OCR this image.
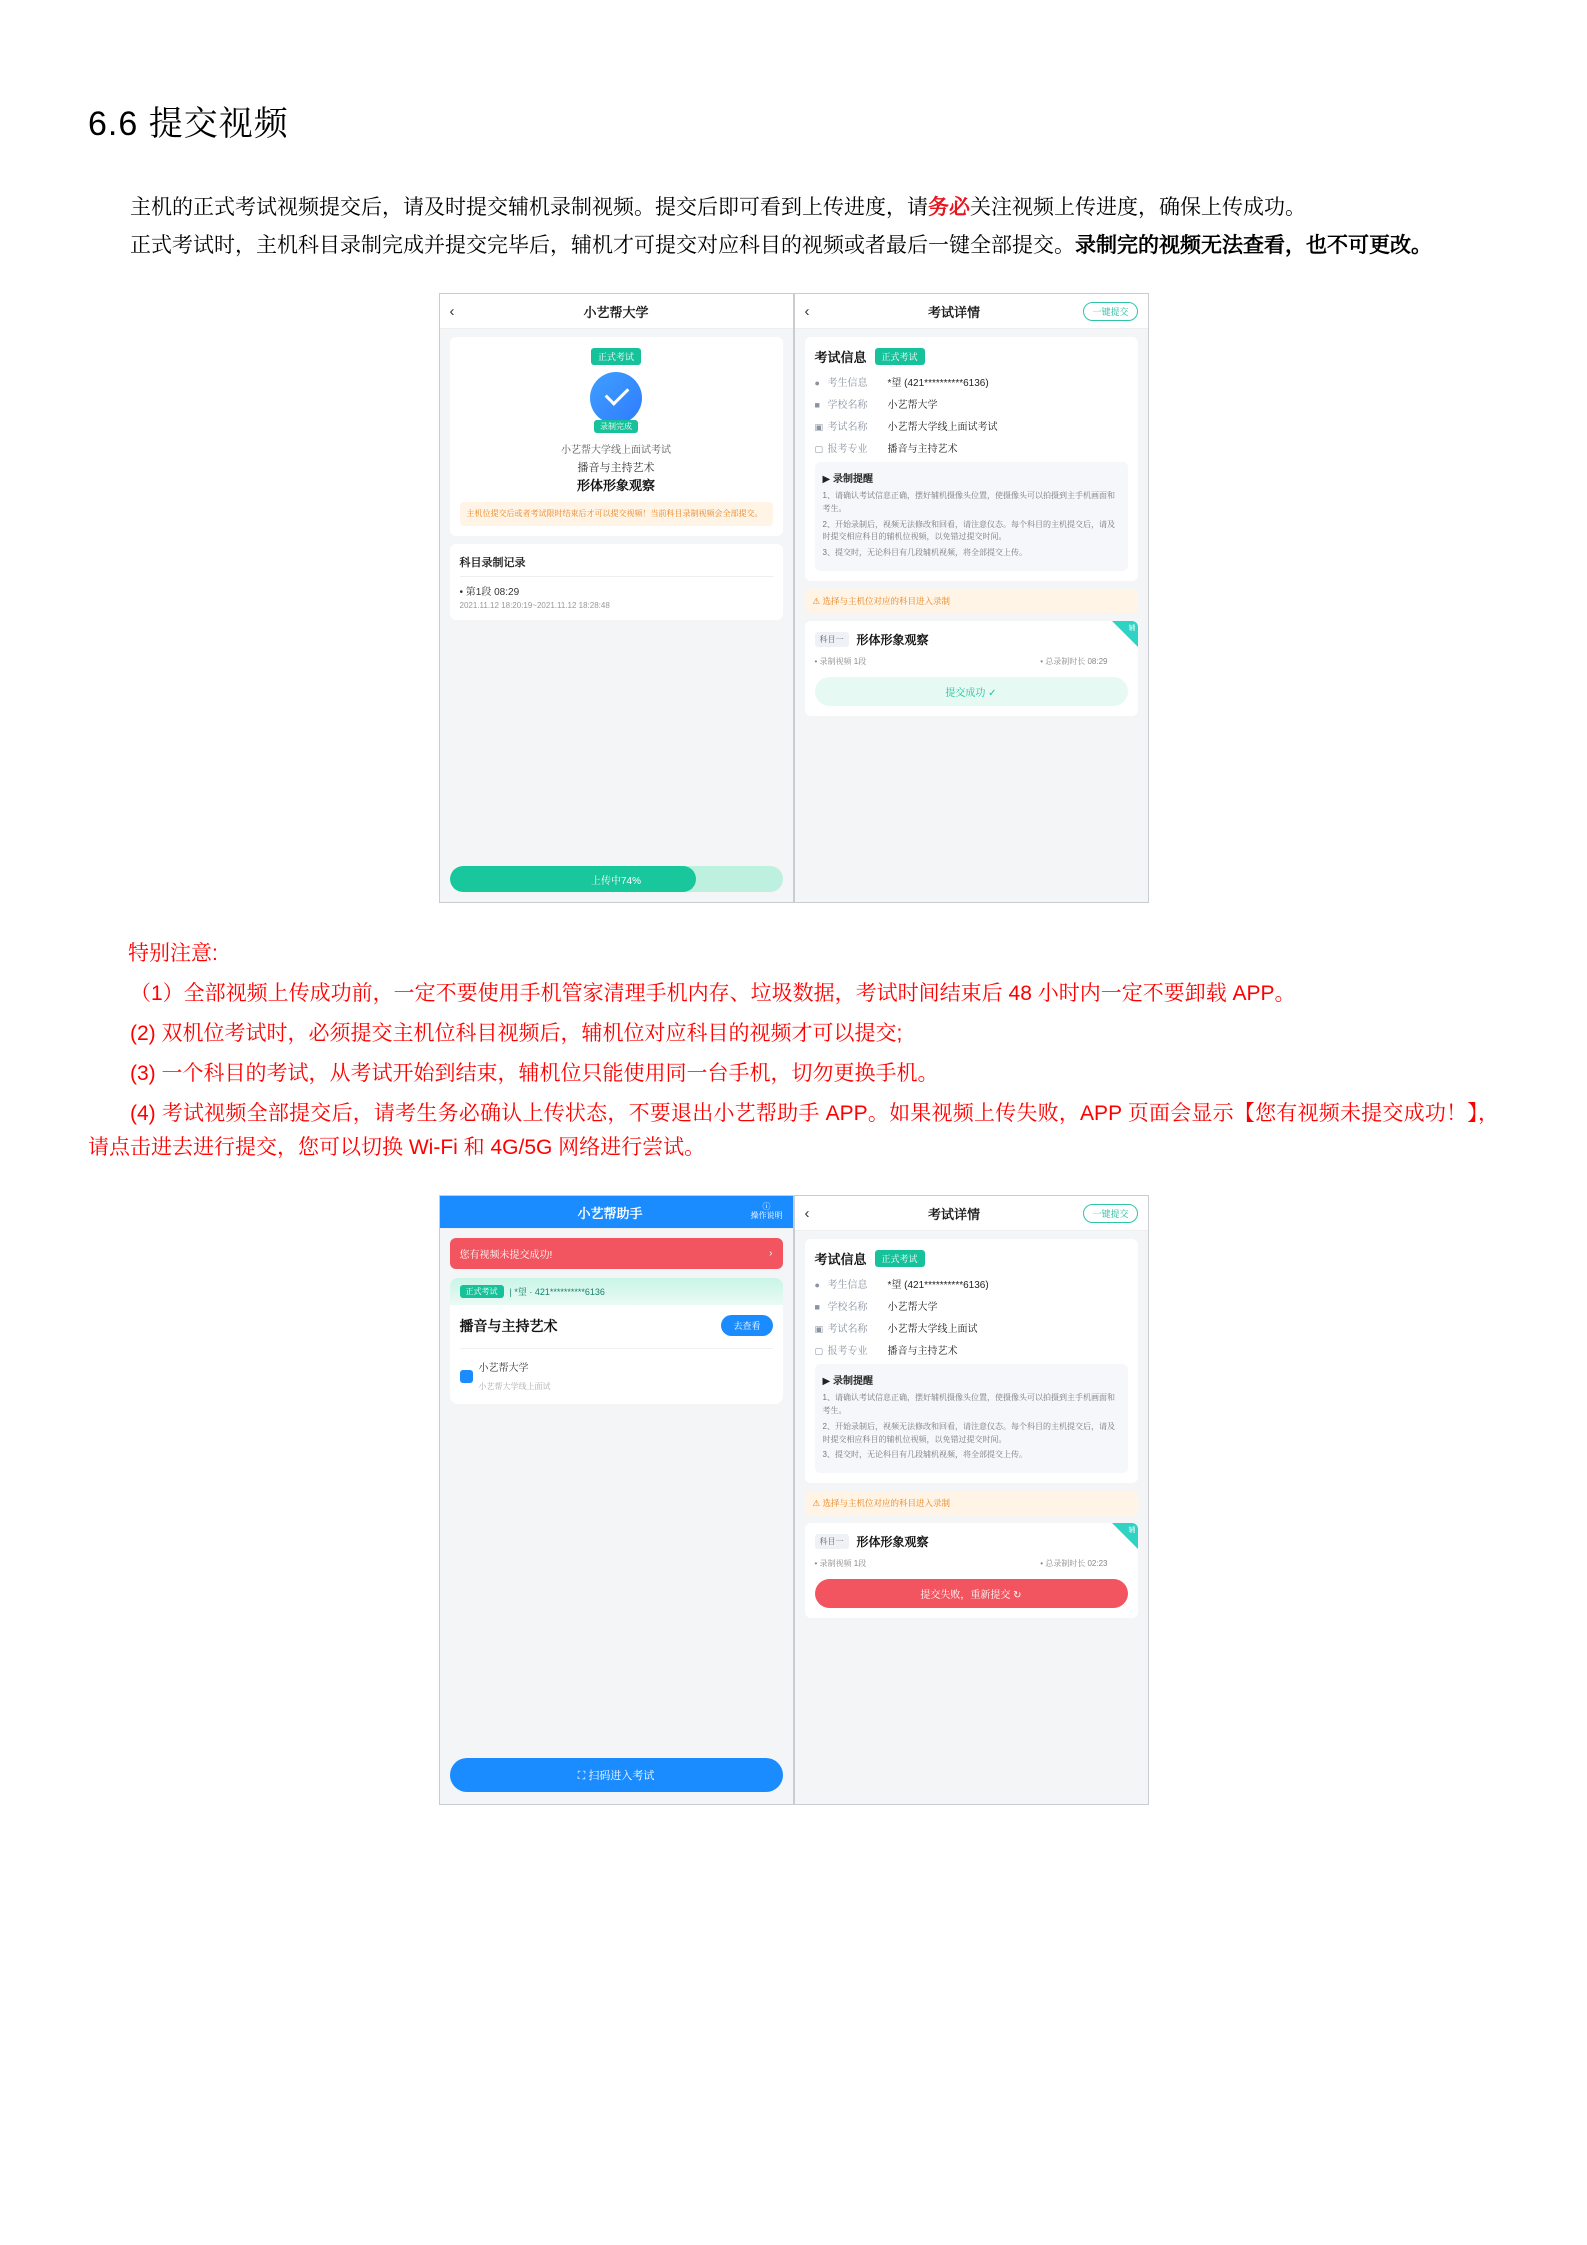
6.6 提交视频

主机的正式考试视频提交后，请及时提交辅机录制视频。提交后即可看到上传进度，请务必关注视频上传进度，确保上传成功。

正式考试时，主机科目录制完成并提交完毕后，辅机才可提交对应科目的视频或者最后一键全部提交。录制完的视频无法查看，也不可更改。

‹	小艺帮大学
正式考试
录制完成
小艺帮大学线上面试考试
播音与主持艺术
形体形象观察
主机位提交后或者考试限时结束后才可以提交视频！当前科目录制视频会全部提交。
科目录制记录
• 第1段 08:29
2021.11.12 18:20:19~2021.11.12 18:28:48
上传中74%
‹	考试详情	一键提交
考试信息	正式考试
● 考生信息	*望 (421**********6136)
■ 学校名称	小艺帮大学
▣ 考试名称	小艺帮大学线上面试考试
▢ 报考专业	播音与主持艺术
▶ 录制提醒

1、请确认考试信息正确，摆好辅机摄像头位置，使摄像头可以拍摄到主手机画面和考生。

2、开始录制后，视频无法修改和回看，请注意仪态。每个科目的主机提交后，请及时提交相应科目的辅机位视频，以免错过提交时间。

3、提交时，无论科目有几段辅机视频，将全部提交上传。

⚠ 选择与主机位对应的科目进入录制
辅
科目一	形体形象观察
• 录制视频 1段	• 总录制时长 08:29
提交成功 ✓

特别注意:

（1）全部视频上传成功前，一定不要使用手机管家清理手机内存、垃圾数据，考试时间结束后 48 小时内一定不要卸载 APP。

(2) 双机位考试时，必须提交主机位科目视频后，辅机位对应科目的视频才可以提交;

(3) 一个科目的考试，从考试开始到结束，辅机位只能使用同一台手机，切勿更换手机。

(4) 考试视频全部提交后，请考生务必确认上传状态，不要退出小艺帮助手 APP。如果视频上传失败，APP 页面会显示【您有视频未提交成功！】，请点击进去进行提交，您可以切换 Wi-Fi 和 4G/5G 网络进行尝试。

小艺帮助手	ⓘ
操作说明
您有视频未提交成功!	›
正式考试	| *望 · 421**********6136
播音与主持艺术	去查看
小艺帮大学
小艺帮大学线上面试
⛶ 扫码进入考试
‹	考试详情	一键提交
考试信息	正式考试
● 考生信息	*望 (421**********6136)
■ 学校名称	小艺帮大学
▣ 考试名称	小艺帮大学线上面试
▢ 报考专业	播音与主持艺术
▶ 录制提醒

1、请确认考试信息正确，摆好辅机摄像头位置，使摄像头可以拍摄到主手机画面和考生。

2、开始录制后，视频无法修改和回看，请注意仪态。每个科目的主机提交后，请及时提交相应科目的辅机位视频，以免错过提交时间。

3、提交时，无论科目有几段辅机视频，将全部提交上传。

⚠ 选择与主机位对应的科目进入录制
辅
科目一	形体形象观察
• 录制视频 1段	• 总录制时长 02:23
提交失败，重新提交 ↻
